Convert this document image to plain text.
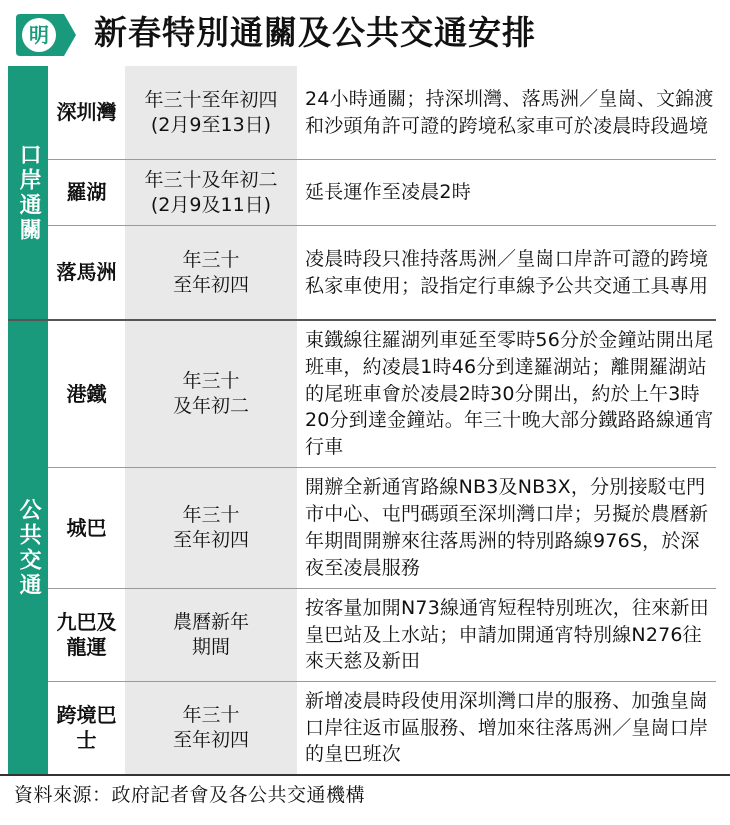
明 新春特別通關及公共交通安排
口岸通關
公共交通
深圳灣
年三十至年初四
(2月9至13日)
24小時通關；持深圳灣、落馬洲／皇崗、文錦渡和沙頭角許可證的跨境私家車可於凌晨時段過境
羅湖
年三十及年初二
(2月9及11日)
延長運作至凌晨2時
落馬洲
年三十
至年初四
凌晨時段只准持落馬洲／皇崗口岸許可證的跨境私家車使用；設指定行車線予公共交通工具專用
港鐵
年三十
及年初二
東鐵線往羅湖列車延至零時56分於金鐘站開出尾班車，約凌晨1時46分到達羅湖站；離開羅湖站的尾班車會於凌晨2時30分開出，約於上午3時20分到達金鐘站。年三十晚大部分鐵路路線通宵行車
城巴
年三十
至年初四
開辦全新通宵路線NB3及NB3X，分別接駁屯門市中心、屯門碼頭至深圳灣口岸；另擬於農曆新年期間開辦來往落馬洲的特別路線976S，於深夜至凌晨服務
九巴及龍運
農曆新年
期間
按客量加開N73線通宵短程特別班次，往來新田皇巴站及上水站；申請加開通宵特別線N276往來天慈及新田
跨境巴士
年三十
至年初四
新增凌晨時段使用深圳灣口岸的服務、加強皇崗口岸往返市區服務、增加來往落馬洲／皇崗口岸的皇巴班次
資料來源：政府記者會及各公共交通機構
